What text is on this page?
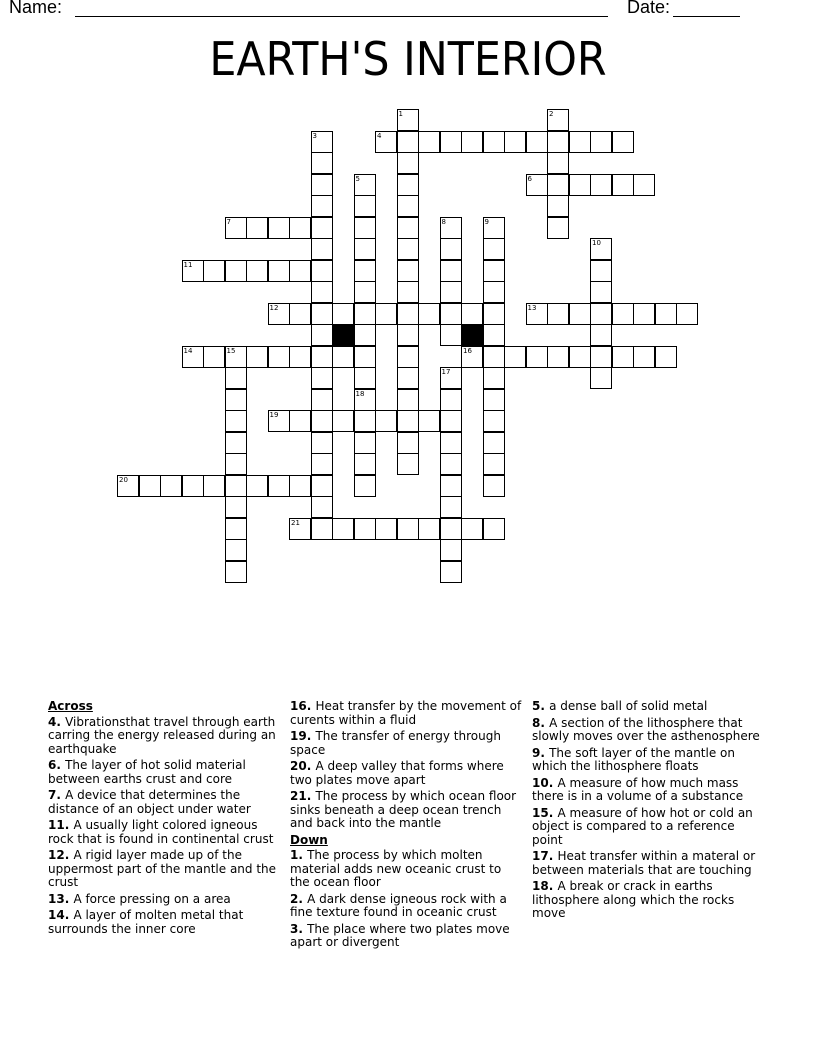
Name:	Date:
EARTH'S INTERIOR
1	2
3	4
5
18
6
7	8	9
10
11
12	13
14	15	16
17
19
20
21
Across
4. Vibrationsthat travel through earth carring the energy released during an earthquake
6. The layer of hot solid material between earths crust and core
7. A device that determines the distance of an object under water
11. A usually light colored igneous rock that is found in continental crust
12. A rigid layer made up of the uppermost part of the mantle and the crust
13. A force pressing on a area
14. A layer of molten metal that surrounds the inner core
16. Heat transfer by the movement of curents within a fluid
19. The transfer of energy through space
20. A deep valley that forms where two plates move apart
21. The process by which ocean floor sinks beneath a deep ocean trench and back into the mantle
Down
1. The process by which molten material adds new oceanic crust to the ocean floor
2. A dark dense igneous rock with a fine texture found in oceanic crust
3. The place where two plates move apart or divergent
5. a dense ball of solid metal
8. A section of the lithosphere that slowly moves over the asthenosphere
9. The soft layer of the mantle on which the lithosphere floats
10. A measure of how much mass there is in a volume of a substance
15. A measure of how hot or cold an object is compared to a reference point
17. Heat transfer within a materal or between materials that are touching
18. A break or crack in earths lithosphere along which the rocks move
